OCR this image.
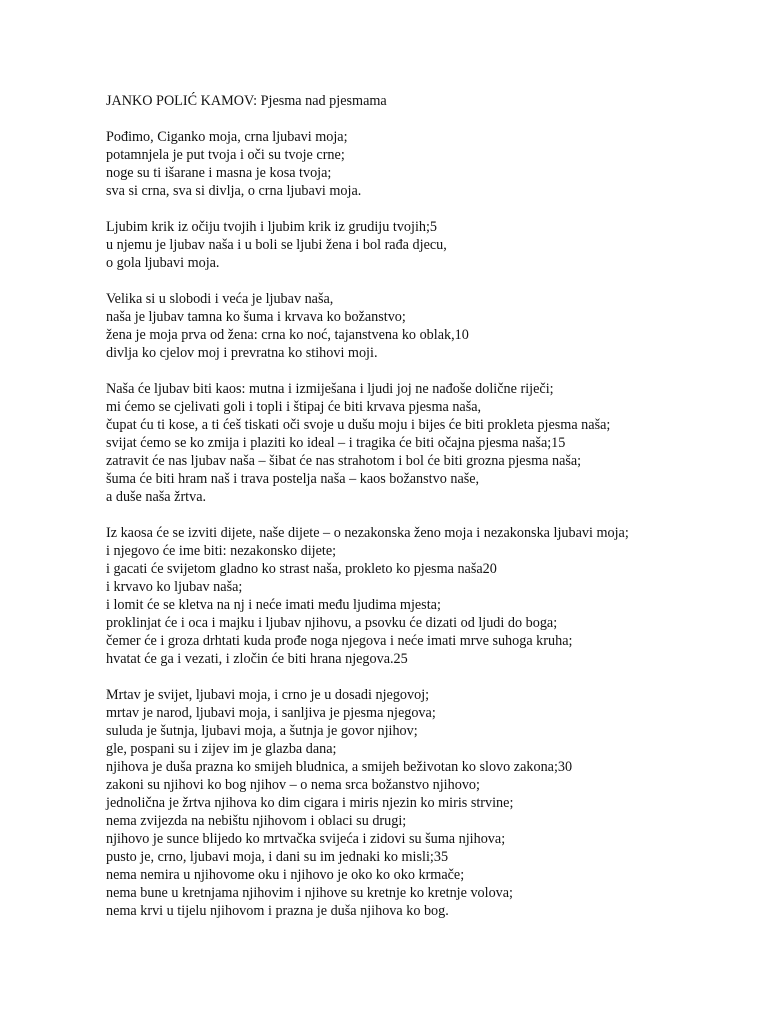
JANKO POLIĆ KAMOV: Pjesma nad pjesmama
Pođimo, Ciganko moja, crna ljubavi moja;
potamnjela je put tvoja i oči su tvoje crne;
noge su ti išarane i masna je kosa tvoja;
sva si crna, sva si divlja, o crna ljubavi moja.
Ljubim krik iz očiju tvojih i ljubim krik iz grudiju tvojih;5
u njemu je ljubav naša i u boli se ljubi žena i bol rađa djecu,
o gola ljubavi moja.
Velika si u slobodi i veća je ljubav naša,
naša je ljubav tamna ko šuma i krvava ko božanstvo;
žena je moja prva od žena: crna ko noć, tajanstvena ko oblak,10
divlja ko cjelov moj i prevratna ko stihovi moji.
Naša će ljubav biti kaos: mutna i izmiješana i ljudi joj ne nađoše dolične riječi;
mi ćemo se cjelivati goli i topli i štipaj će biti krvava pjesma naša,
čupat ću ti kose, a ti ćeš tiskati oči svoje u dušu moju i bijes će biti prokleta pjesma naša;
svijat ćemo se ko zmija i plaziti ko ideal – i tragika će biti očajna pjesma naša;15
zatravit će nas ljubav naša – šibat će nas strahotom i bol će biti grozna pjesma naša;
šuma će biti hram naš i trava postelja naša – kaos božanstvo naše,
a duše naša žrtva.
Iz kaosa će se izviti dijete, naše dijete – o nezakonska ženo moja i nezakonska ljubavi moja;
i njegovo će ime biti: nezakonsko dijete;
i gacati će svijetom gladno ko strast naša, prokleto ko pjesma naša20
i krvavo ko ljubav naša;
i lomit će se kletva na nj i neće imati među ljudima mjesta;
proklinjat će i oca i majku i ljubav njihovu, a psovku će dizati od ljudi do boga;
čemer će i groza drhtati kuda prođe noga njegova i neće imati mrve suhoga kruha;
hvatat će ga i vezati, i zločin će biti hrana njegova.25
Mrtav je svijet, ljubavi moja, i crno je u dosadi njegovoj;
mrtav je narod, ljubavi moja, i sanljiva je pjesma njegova;
suluda je šutnja, ljubavi moja, a šutnja je govor njihov;
gle, pospani su i zijev im je glazba dana;
njihova je duša prazna ko smijeh bludnica, a smijeh beživotan ko slovo zakona;30
zakoni su njihovi ko bog njihov – o nema srca božanstvo njihovo;
jednolična je žrtva njihova ko dim cigara i miris njezin ko miris strvine;
nema zvijezda na nebištu njihovom i oblaci su drugi;
njihovo je sunce blijedo ko mrtvačka svijeća i zidovi su šuma njihova;
pusto je, crno, ljubavi moja, i dani su im jednaki ko misli;35
nema nemira u njihovome oku i njihovo je oko ko oko krmače;
nema bune u kretnjama njihovim i njihove su kretnje ko kretnje volova;
nema krvi u tijelu njihovom i prazna je duša njihova ko bog.
